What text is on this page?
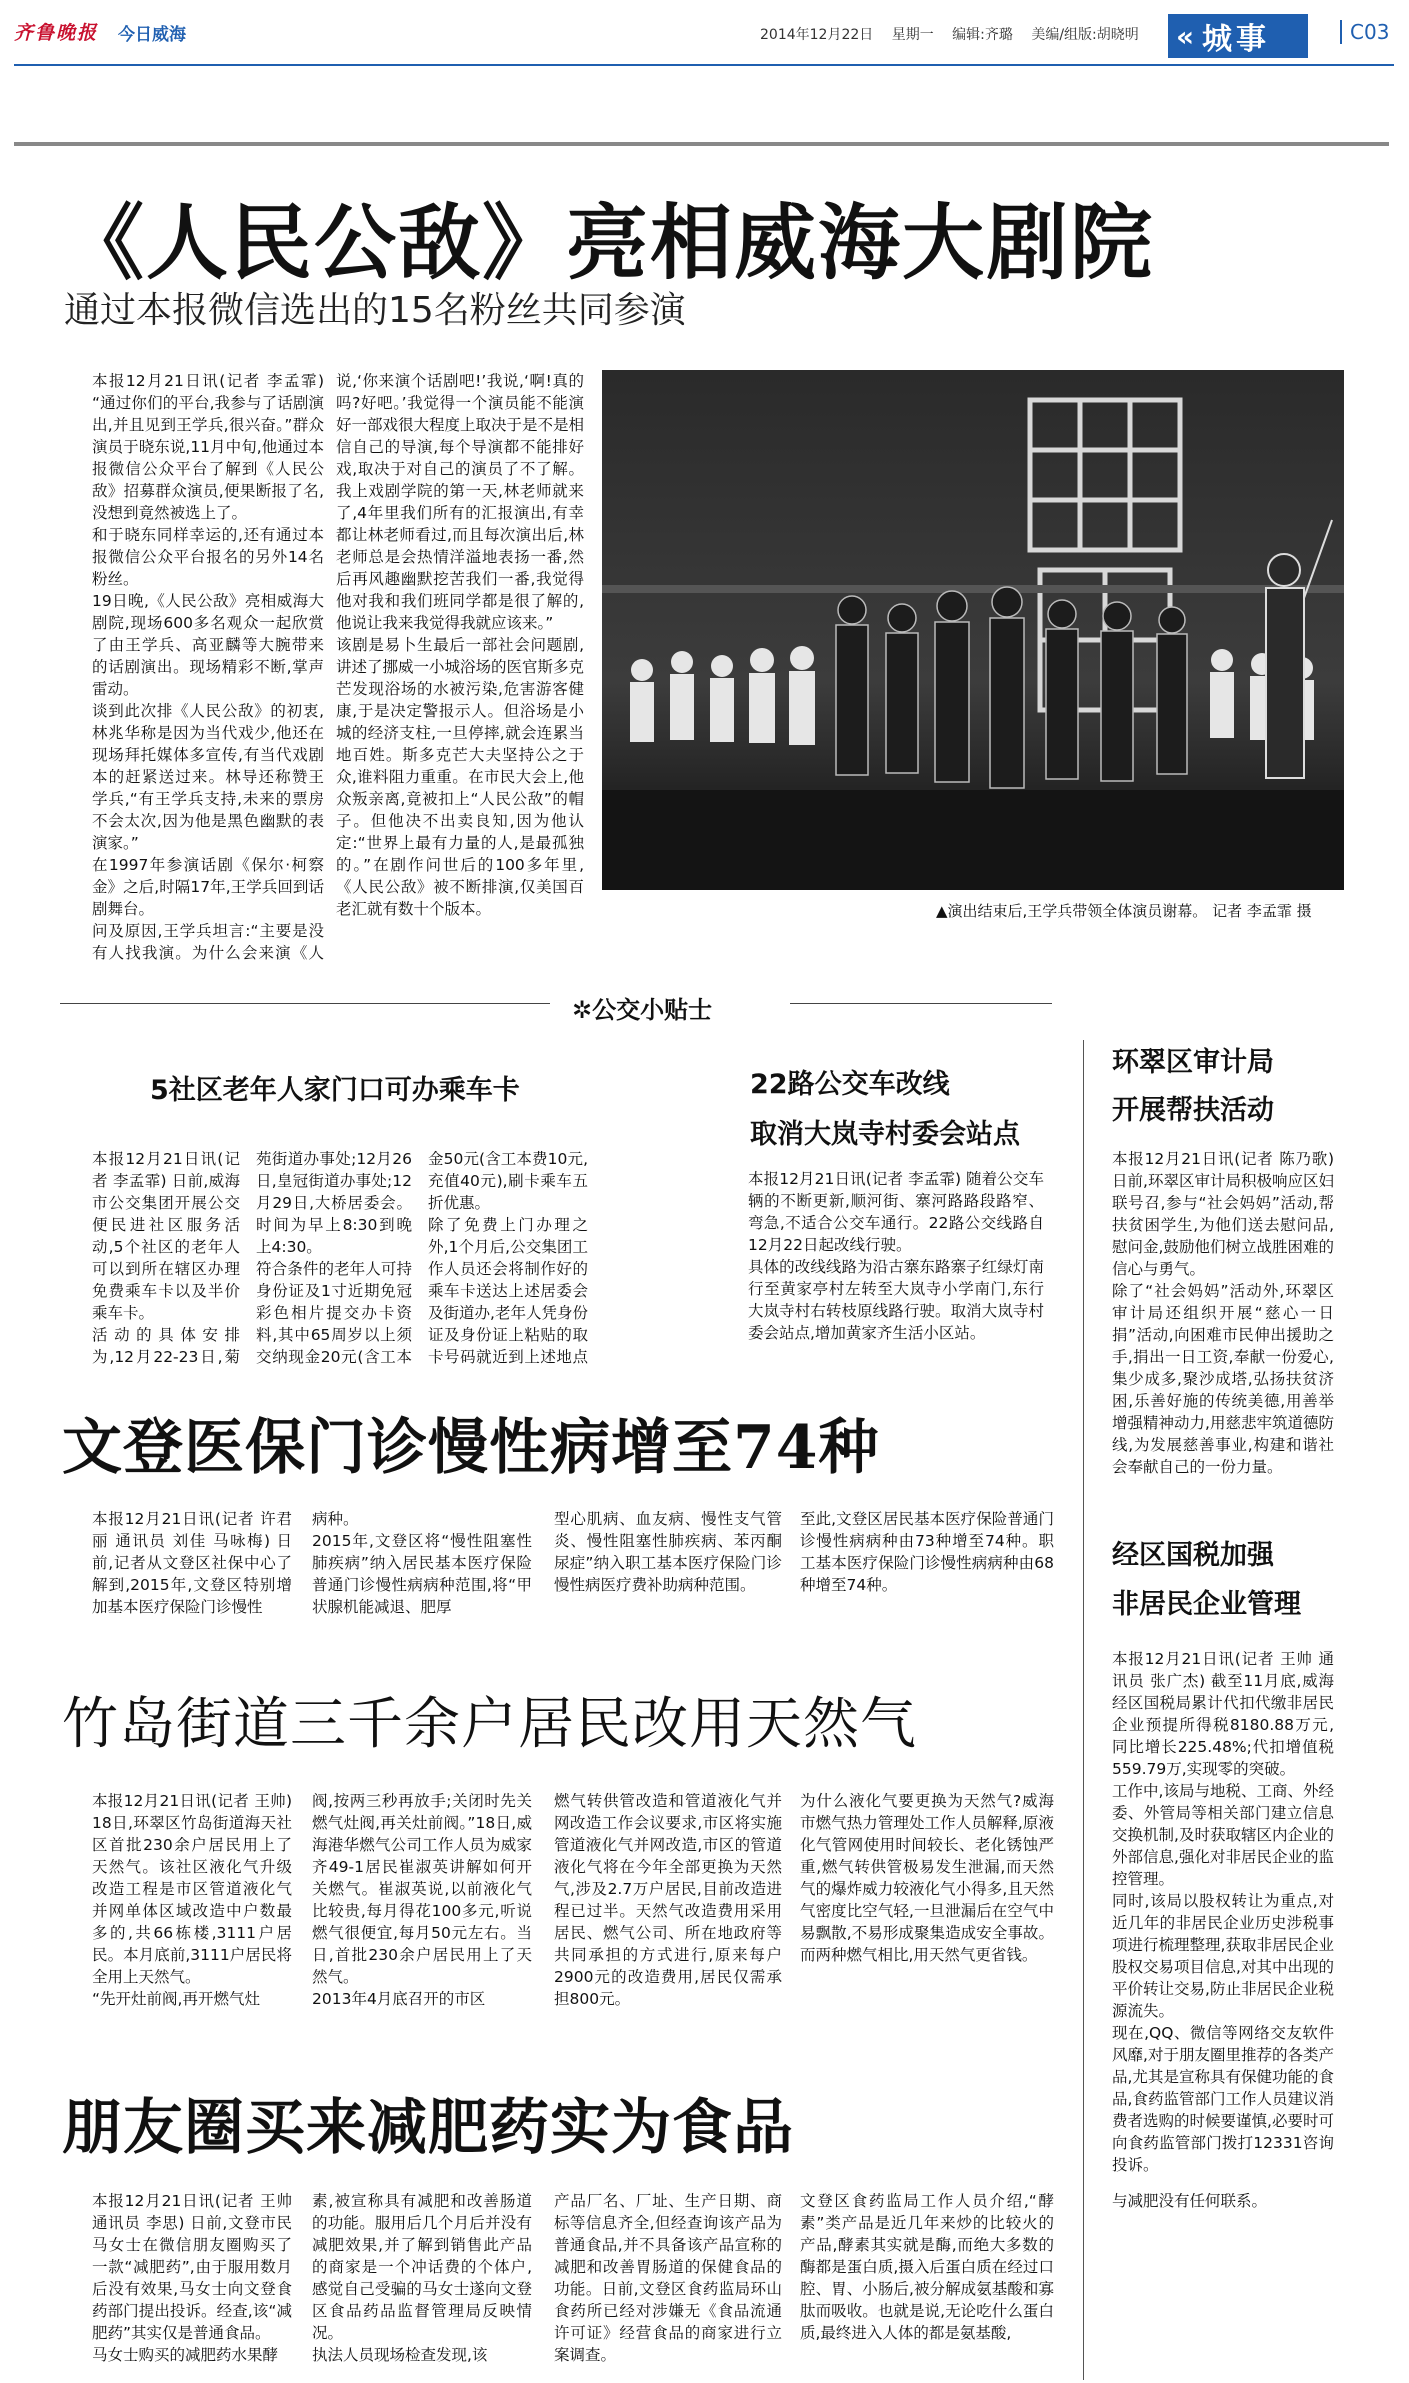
齐鲁晚报 今日威海	2014年12月22日 星期一 编辑:齐璐 美编/组版:胡晓明	« 城事	C03
《人民公敌》亮相威海大剧院
通过本报微信选出的15名粉丝共同参演
本报12月21日讯(记者 李孟霏) “通过你们的平台,我参与了话剧演出,并且见到王学兵,很兴奋。”群众演员于晓东说,11月中旬,他通过本报微信公众平台了解到《人民公敌》招募群众演员,便果断报了名,没想到竟然被选上了。
和于晓东同样幸运的,还有通过本报微信公众平台报名的另外14名粉丝。
19日晚,《人民公敌》亮相威海大剧院,现场600多名观众一起欣赏了由王学兵、高亚麟等大腕带来的话剧演出。现场精彩不断,掌声雷动。
谈到此次排《人民公敌》的初衷,林兆华称是因为当代戏少,他还在现场拜托媒体多宣传,有当代戏剧本的赶紧送过来。林导还称赞王学兵,“有王学兵支持,未来的票房不会太次,因为他是黑色幽默的表演家。”
在1997年参演话剧《保尔·柯察金》之后,时隔17年,王学兵回到话剧舞台。
问及原因,王学兵坦言:“主要是没有人找我演。为什么会来演《人
说,‘你来演个话剧吧!’我说,‘啊!真的吗?好吧。’我觉得一个演员能不能演好一部戏很大程度上取决于是不是相信自己的导演,每个导演都不能排好戏,取决于对自己的演员了不了解。我上戏剧学院的第一天,林老师就来了,4年里我们所有的汇报演出,有幸都让林老师看过,而且每次演出后,林老师总是会热情洋溢地表扬一番,然后再风趣幽默挖苦我们一番,我觉得他对我和我们班同学都是很了解的,他说让我来我觉得我就应该来。”
该剧是易卜生最后一部社会问题剧,讲述了挪威一小城浴场的医官斯多克芒发现浴场的水被污染,危害游客健康,于是决定警报示人。但浴场是小城的经济支柱,一旦停摔,就会连累当地百姓。斯多克芒大夫坚持公之于众,谁料阻力重重。在市民大会上,他众叛亲离,竟被扣上“人民公敌”的帽子。但他决不出卖良知,因为他认定:“世界上最有力量的人,是最孤独的。”在剧作问世后的100多年里,《人民公敌》被不断排演,仅美国百老汇就有数十个版本。	▲演出结束后,王学兵带领全体演员谢幕。 记者 李孟霏 摄
✲公交小贴士
5社区老年人家门口可办乘车卡
本报12月21日讯(记者 李孟霏) 日前,威海市公交集团开展公交便民进社区服务活动,5个社区的老年人可以到所在辖区办理免费乘车卡以及半价乘车卡。
活动的具体安排为,12月22-23日,菊
苑街道办事处;12月26日,皇冠街道办事处;12月29日,大桥居委会。时间为早上8:30到晚上4:30。
符合条件的老年人可持身份证及1寸近期免冠彩色相片提交办卡资料,其中65周岁以上须交纳现金20元(含工本
金50元(含工本费10元,充值40元),刷卡乘车五折优惠。
除了免费上门办理之外,1个月后,公交集团工作人员还会将制作好的乘车卡送达上述居委会及街道办,老年人凭身份证及身份证上粘贴的取卡号码就近到上述地点
22路公交车改线
取消大岚寺村委会站点
本报12月21日讯(记者 李孟霏) 随着公交车辆的不断更新,顺河街、寨河路路段路窄、弯急,不适合公交车通行。22路公交线路自12月22日起改线行驶。
具体的改线线路为沿古寨东路寨子红绿灯南行至黄家亭村左转至大岚寺小学南门,东行大岚寺村右转枝原线路行驶。取消大岚寺村委会站点,增加黄家齐生活小区站。
环翠区审计局
开展帮扶活动
本报12月21日讯(记者 陈乃歌) 日前,环翠区审计局积极响应区妇联号召,参与“社会妈妈”活动,帮扶贫困学生,为他们送去慰问品,慰问金,鼓励他们树立战胜困难的信心与勇气。
除了“社会妈妈”活动外,环翠区审计局还组织开展“慈心一日捐”活动,向困难市民伸出援助之手,捐出一日工资,奉献一份爱心,集少成多,聚沙成塔,弘扬扶贫济困,乐善好施的传统美德,用善举增强精神动力,用慈悲牢筑道德防线,为发展慈善事业,构建和谐社会奉献自己的一份力量。
经区国税加强
非居民企业管理
本报12月21日讯(记者 王帅 通讯员 张广杰) 截至11月底,威海经区国税局累计代扣代缴非居民企业预提所得税8180.88万元,同比增长225.48%;代扣增值税559.79万,实现零的突破。
工作中,该局与地税、工商、外经委、外管局等相关部门建立信息交换机制,及时获取辖区内企业的外部信息,强化对非居民企业的监控管理。
同时,该局以股权转让为重点,对近几年的非居民企业历史涉税事项进行梳理整理,获取非居民企业股权交易项目信息,对其中出现的平价转让交易,防止非居民企业税源流失。
现在,QQ、微信等网络交友软件风靡,对于朋友圈里推荐的各类产品,尤其是宣称具有保健功能的食品,食药监管部门工作人员建议消费者选购的时候要谨慎,必要时可向食药监管部门拨打12331咨询投诉。
文登医保门诊慢性病增至74种
本报12月21日讯(记者 许君丽 通讯员 刘佳 马咏梅) 日前,记者从文登区社保中心了解到,2015年,文登区特别增加基本医疗保险门诊慢性
病种。
2015年,文登区将“慢性阻塞性肺疾病”纳入居民基本医疗保险普通门诊慢性病病种范围,将“甲状腺机能减退、肥厚
型心肌病、血友病、慢性支气管炎、慢性阻塞性肺疾病、苯丙酮尿症”纳入职工基本医疗保险门诊慢性病医疗费补助病种范围。
至此,文登区居民基本医疗保险普通门诊慢性病病种由73种增至74种。职工基本医疗保险门诊慢性病病种由68种增至74种。
竹岛街道三千余户居民改用天然气
本报12月21日讯(记者 王帅) 18日,环翠区竹岛街道海天社区首批230余户居民用上了天然气。该社区液化气升级改造工程是市区管道液化气并网单体区域改造中户数最多的,共66栋楼,3111户居民。本月底前,3111户居民将全用上天然气。
“先开灶前阀,再开燃气灶
阀,按两三秒再放手;关闭时先关燃气灶阀,再关灶前阀。”18日,威海港华燃气公司工作人员为威家齐49-1居民崔淑英讲解如何开关燃气。崔淑英说,以前液化气比较贵,每月得花100多元,听说燃气很便宜,每月50元左右。当日,首批230余户居民用上了天然气。
2013年4月底召开的市区
燃气转供管改造和管道液化气并网改造工作会议要求,市区将实施管道液化气并网改造,市区的管道液化气将在今年全部更换为天然气,涉及2.7万户居民,目前改造进程已过半。天然气改造费用采用居民、燃气公司、所在地政府等共同承担的方式进行,原来每户2900元的改造费用,居民仅需承担800元。
为什么液化气要更换为天然气?威海市燃气热力管理处工作人员解释,原液化气管网使用时间较长、老化锈蚀严重,燃气转供管极易发生泄漏,而天然气的爆炸威力较液化气小得多,且天然气密度比空气轻,一旦泄漏后在空气中易飘散,不易形成聚集造成安全事故。而两种燃气相比,用天然气更省钱。
朋友圈买来减肥药实为食品
本报12月21日讯(记者 王帅 通讯员 李思) 日前,文登市民马女士在微信朋友圈购买了一款“减肥药”,由于服用数月后没有效果,马女士向文登食药部门提出投诉。经查,该“减肥药”其实仅是普通食品。
马女士购买的减肥药水果酵
素,被宣称具有减肥和改善肠道的功能。服用后几个月后并没有减肥效果,并了解到销售此产品的商家是一个冲话费的个体户,感觉自己受骗的马女士遂向文登区食品药品监督管理局反映情况。
执法人员现场检查发现,该
产品厂名、厂址、生产日期、商标等信息齐全,但经查询该产品为普通食品,并不具备该产品宣称的减肥和改善胃肠道的保健食品的功能。日前,文登区食药监局环山食药所已经对涉嫌无《食品流通许可证》经营食品的商家进行立案调查。
文登区食药监局工作人员介绍,“酵素”类产品是近几年来炒的比较火的产品,酵素其实就是酶,而绝大多数的酶都是蛋白质,摄入后蛋白质在经过口腔、胃、小肠后,被分解成氨基酸和寡肽而吸收。也就是说,无论吃什么蛋白质,最终进入人体的都是氨基酸,
与减肥没有任何联系。
